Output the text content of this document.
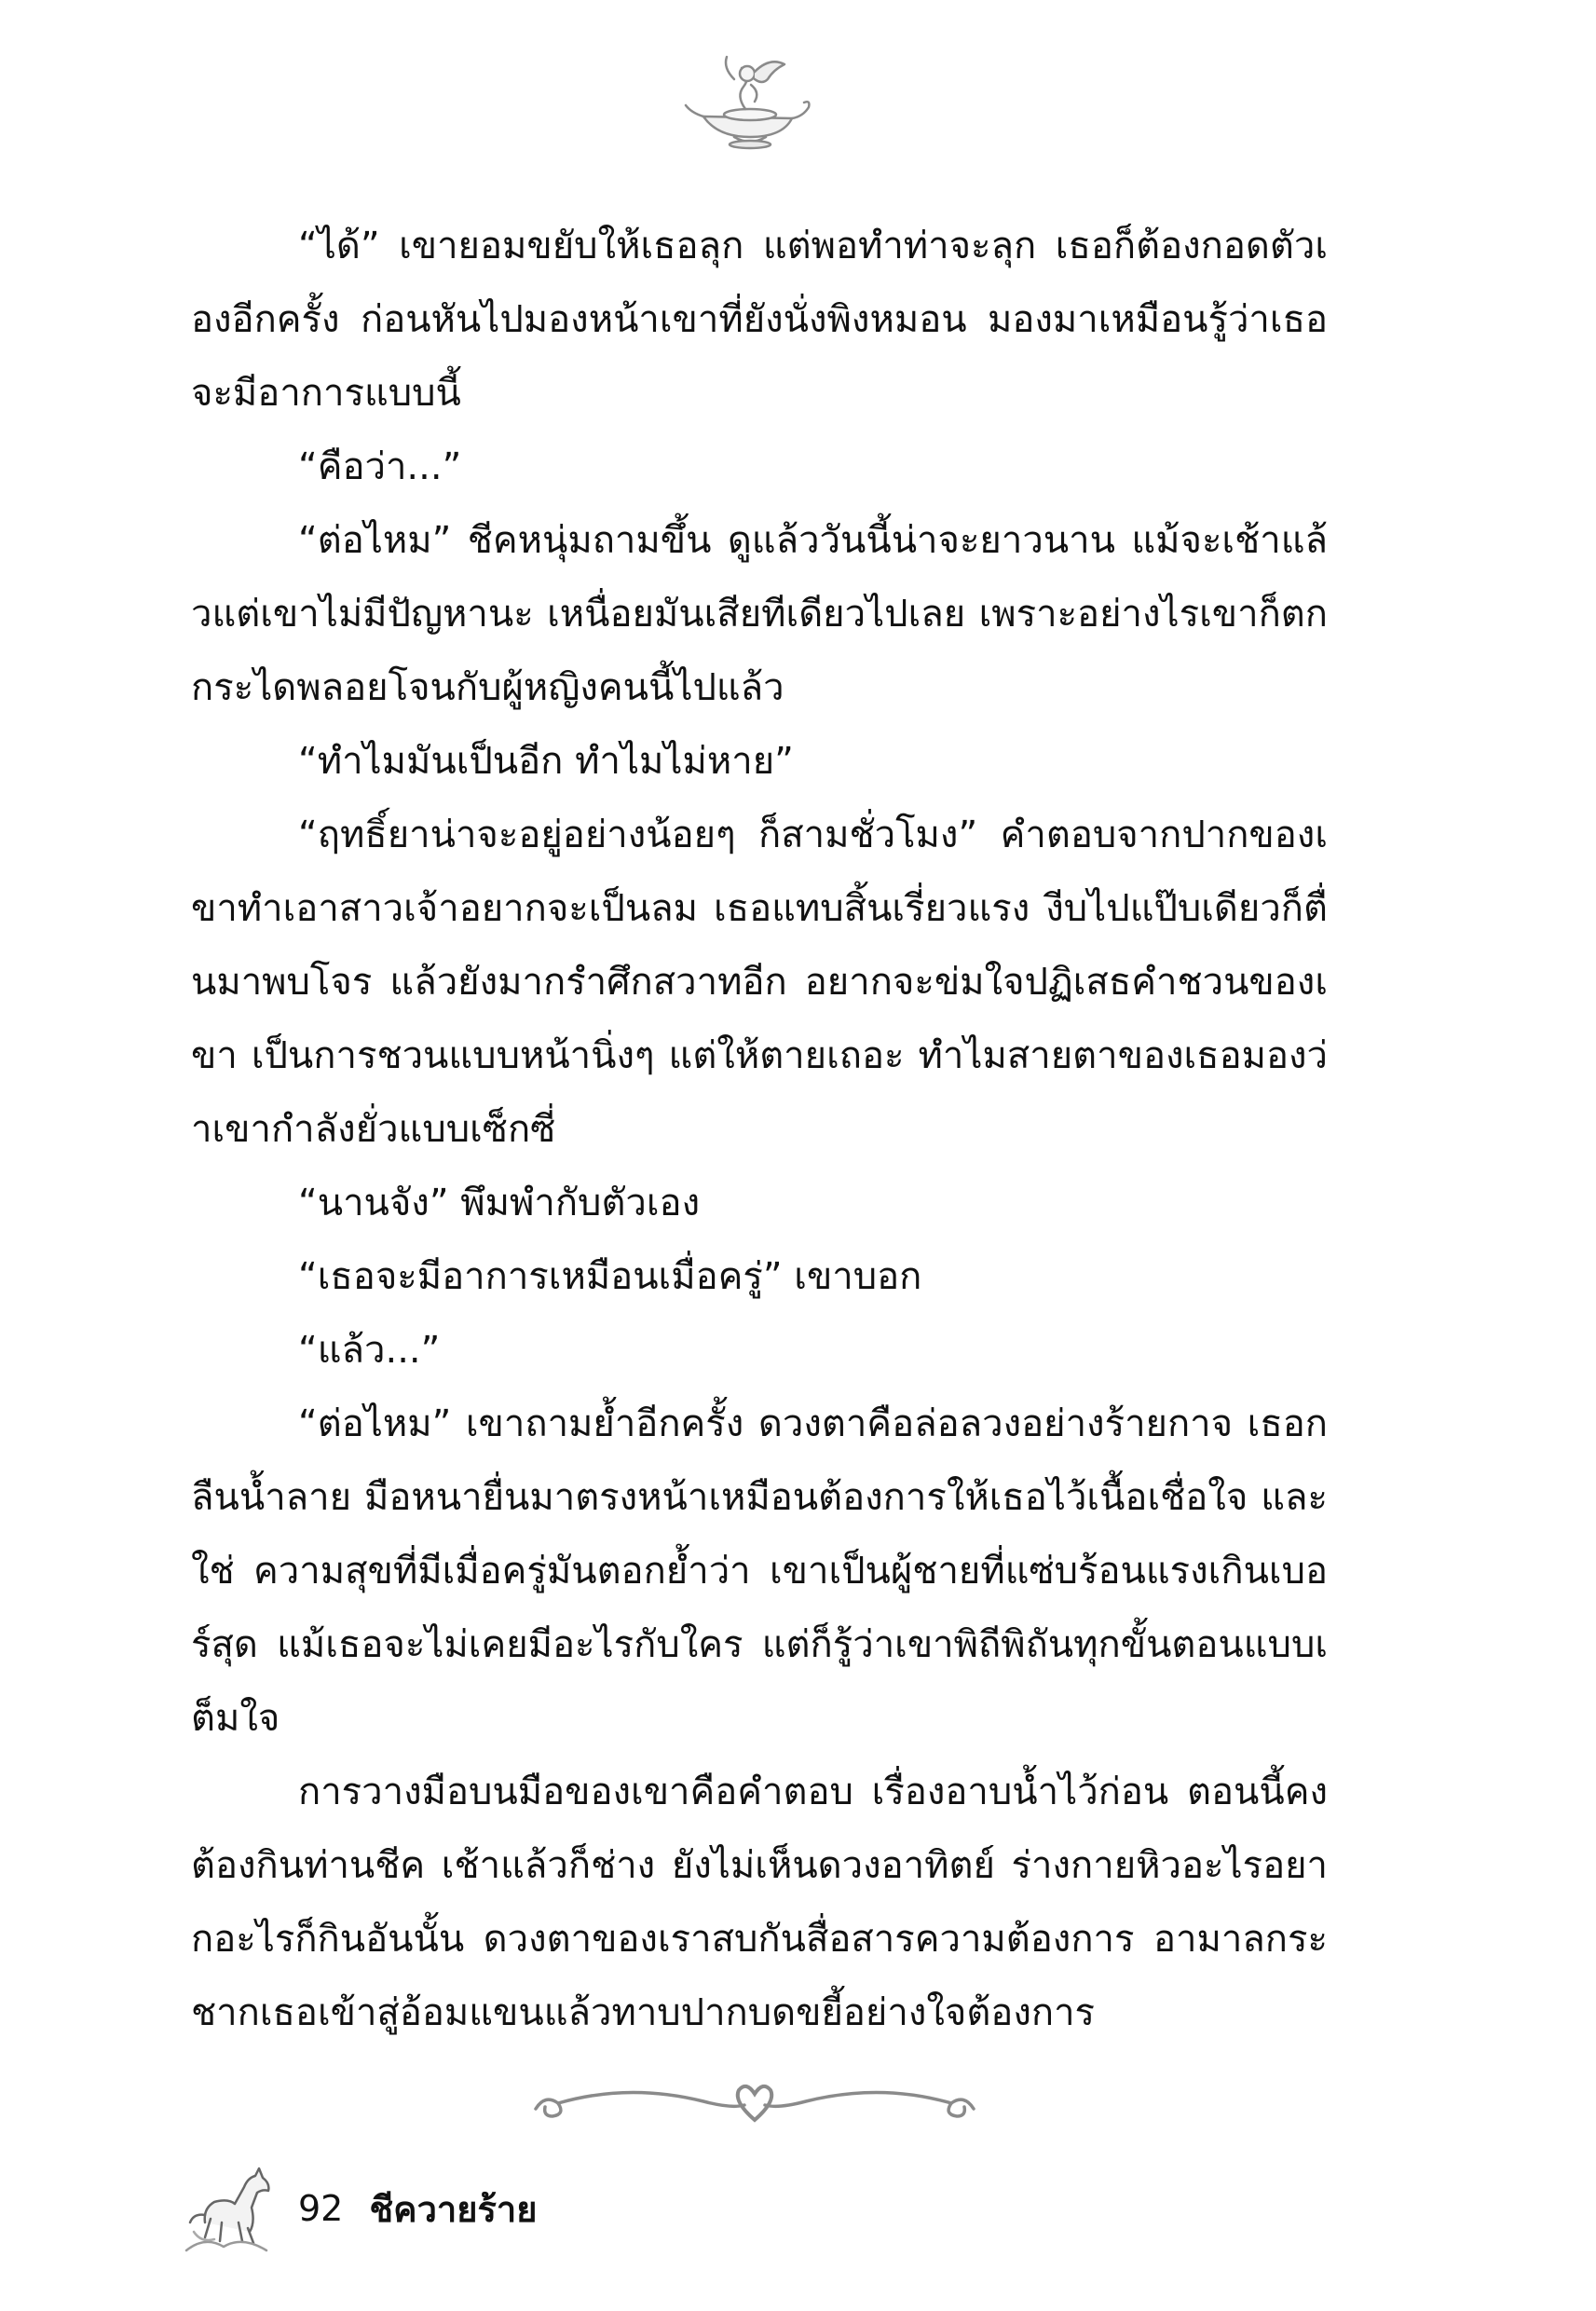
“ได้” เขายอมขยับให้เธอลุก แต่พอทำท่าจะลุก เธอก็ต้องกอดตัวเองอีกครั้ง ก่อนหันไปมองหน้าเขาที่ยังนั่งพิงหมอน มองมาเหมือนรู้ว่าเธอจะมีอาการแบบนี้

“คือว่า...”

“ต่อไหม” ชีคหนุ่มถามขึ้น ดูแล้ววันนี้น่าจะยาวนาน แม้จะเช้าแล้วแต่เขาไม่มีปัญหานะ เหนื่อยมันเสียทีเดียวไปเลย เพราะอย่างไรเขาก็ตกกระไดพลอยโจนกับผู้หญิงคนนี้ไปแล้ว

“ทำไมมันเป็นอีก ทำไมไม่หาย”

“ฤทธิ์ยาน่าจะอยู่อย่างน้อยๆ ก็สามชั่วโมง” คำตอบจากปากของเขาทำเอาสาวเจ้าอยากจะเป็นลม เธอแทบสิ้นเรี่ยวแรง งีบไปแป๊บเดียวก็ตื่นมาพบโจร แล้วยังมากรำศึกสวาทอีก อยากจะข่มใจปฏิเสธคำชวนของเขา เป็นการชวนแบบหน้านิ่งๆ แต่ให้ตายเถอะ ทำไมสายตาของเธอมองว่าเขากำลังยั่วแบบเซ็กซี่

“นานจัง” พึมพำกับตัวเอง

“เธอจะมีอาการเหมือนเมื่อครู่” เขาบอก

“แล้ว...”

“ต่อไหม” เขาถามย้ำอีกครั้ง ดวงตาคือล่อลวงอย่างร้ายกาจ เธอกลืนน้ำลาย มือหนายื่นมาตรงหน้าเหมือนต้องการให้เธอไว้เนื้อเชื่อใจ และใช่ ความสุขที่มีเมื่อครู่มันตอกย้ำว่า เขาเป็นผู้ชายที่แซ่บร้อนแรงเกินเบอร์สุด แม้เธอจะไม่เคยมีอะไรกับใคร แต่ก็รู้ว่าเขาพิถีพิถันทุกขั้นตอนแบบเต็มใจ

การวางมือบนมือของเขาคือคำตอบ เรื่องอาบน้ำไว้ก่อน ตอนนี้คงต้องกินท่านชีค เช้าแล้วก็ช่าง ยังไม่เห็นดวงอาทิตย์ ร่างกายหิวอะไรอยากอะไรก็กินอันนั้น ดวงตาของเราสบกันสื่อสารความต้องการ อามาลกระชากเธอเข้าสู่อ้อมแขนแล้วทาบปากบดขยี้อย่างใจต้องการ

92 ชีควายร้าย
